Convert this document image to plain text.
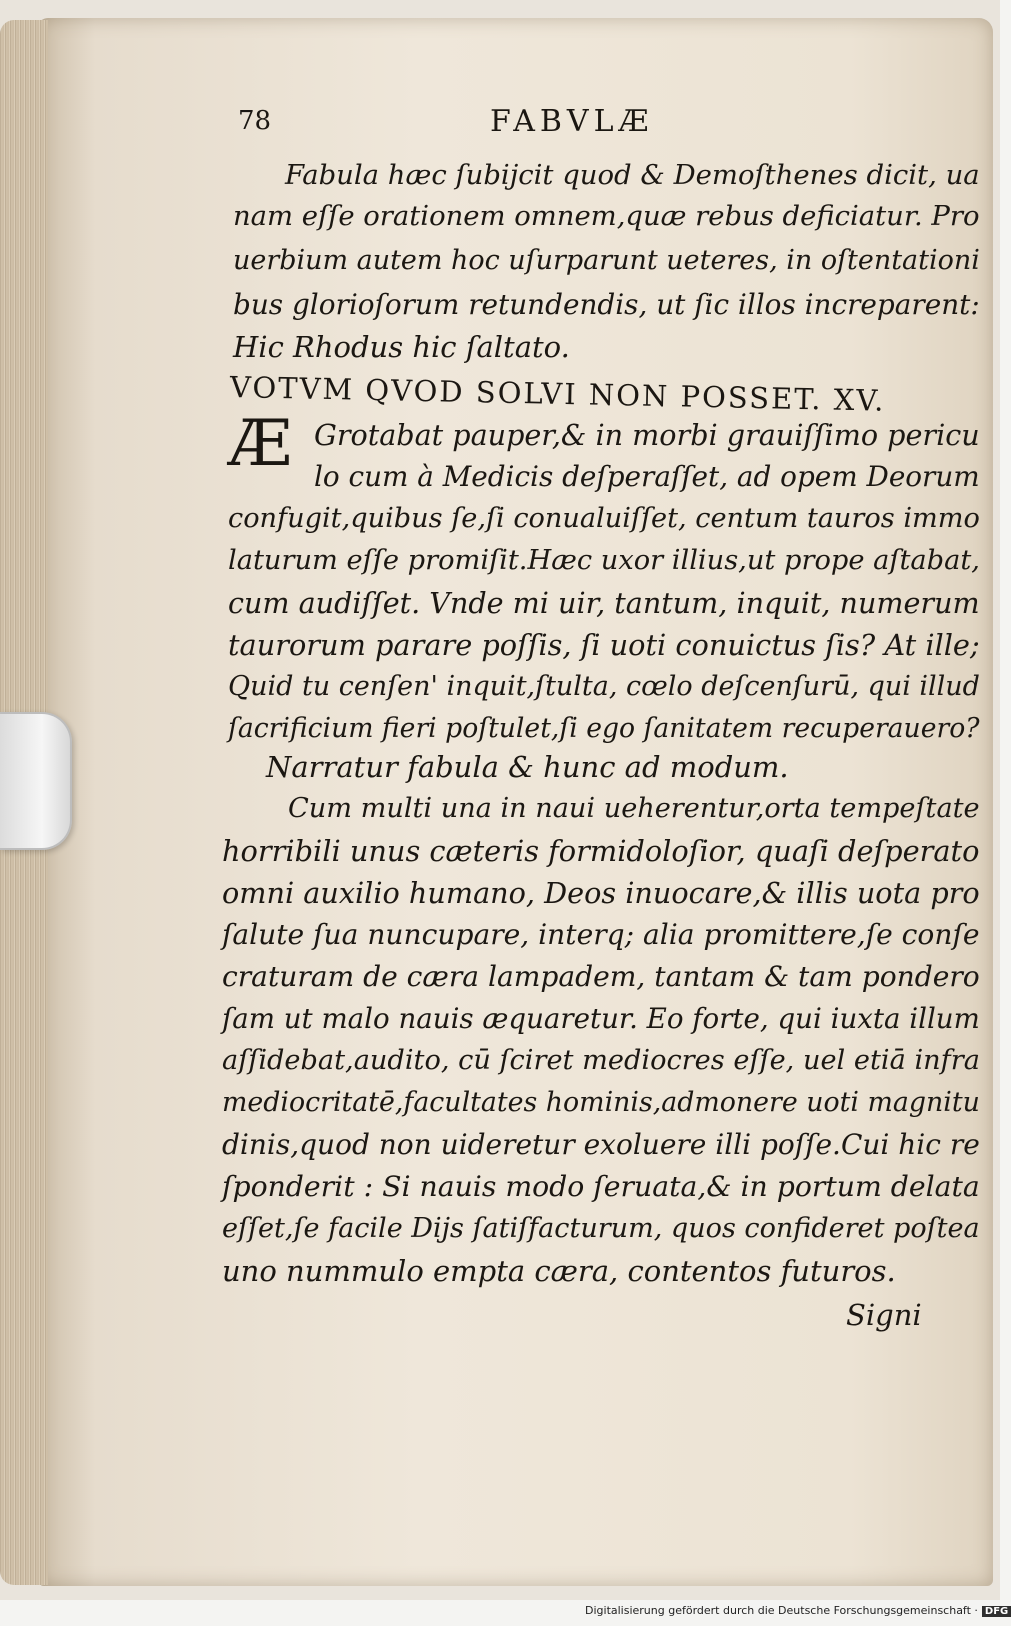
78	FABVLÆ
Fabula hæc ſubijcit quod & Demoſthenes dicit, ua
nam eſſe orationem omnem,quæ rebus deficiatur. Pro
uerbium autem hoc uſurparunt ueteres, in oſtentationi
bus glorioſorum retundendis, ut ſic illos increparent:
Hic Rhodus hic ſaltato.
VOTVM QVOD SOLVI NON POSSET. XV.
Æ Grotabat pauper,& in morbi grauiſſimo pericu
lo cum à Medicis deſperaſſet, ad opem Deorum
confugit,quibus ſe,ſi conualuiſſet, centum tauros immo
laturum eſſe promiſit.Hæc uxor illius,ut prope aſtabat,
cum audiſſet. Vnde mi uir, tantum, inquit, numerum
taurorum parare poſſis, ſi uoti conuictus ſis? At ille;
Quid tu cenſen' inquit,ſtulta, cœlo deſcenſurū, qui illud
ſacrificium fieri poſtulet,ſi ego ſanitatem recuperauero?
Narratur fabula & hunc ad modum.
Cum multi una in naui ueherentur,orta tempeſtate
horribili unus cæteris formidoloſior, quaſi deſperato
omni auxilio humano, Deos inuocare,& illis uota pro
ſalute ſua nuncupare, interq; alia promittere,ſe conſe
craturam de cæra lampadem, tantam & tam pondero
ſam ut malo nauis æquaretur. Eo forte, qui iuxta illum
aſſidebat,audito, cū ſciret mediocres eſſe, uel etiā infra
mediocritatē,facultates hominis,admonere uoti magnitu
dinis,quod non uideretur exoluere illi poſſe.Cui hic re
ſponderit : Si nauis modo ſeruata,& in portum delata
eſſet,ſe facile Dijs ſatiſfacturum, quos confideret poſtea
uno nummulo empta cæra, contentos futuros.
Signi
Digitalisierung gefördert durch die Deutsche Forschungsgemeinschaft · DFG
